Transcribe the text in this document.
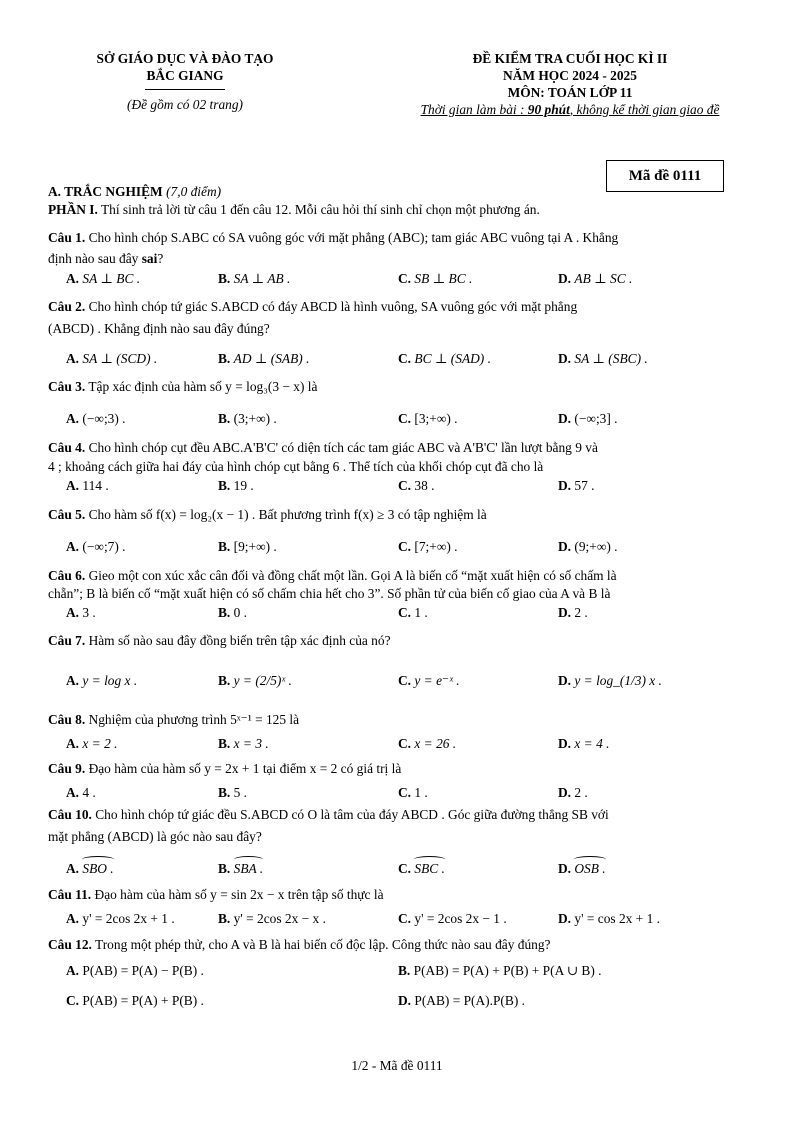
SỞ GIÁO DỤC VÀ ĐÀO TẠO

BẮC GIANG

(Đề gồm có 02 trang)

ĐỀ KIỂM TRA CUỐI HỌC KÌ II

NĂM HỌC 2024 - 2025

MÔN: TOÁN LỚP 11

Thời gian làm bài : 90 phút, không kể thời gian giao đề

Mã đề 0111
A. TRẮC NGHIỆM (7,0 điểm)
PHẦN I. Thí sinh trả lời từ câu 1 đến câu 12. Mỗi câu hỏi thí sinh chỉ chọn một phương án.
Câu 1. Cho hình chóp S.ABC có SA vuông góc với mặt phẳng (ABC); tam giác ABC vuông tại A . Khẳng
định nào sau đây sai?
A. SA ⊥ BC .	B. SA ⊥ AB .	C. SB ⊥ BC .	D. AB ⊥ SC .
Câu 2. Cho hình chóp tứ giác S.ABCD có đáy ABCD là hình vuông, SA vuông góc với mặt phẳng
(ABCD) . Khẳng định nào sau đây đúng?
A. SA ⊥ (SCD) .	B. AD ⊥ (SAB) .	C. BC ⊥ (SAD) .	D. SA ⊥ (SBC) .
Câu 3. Tập xác định của hàm số y = log₃(3 − x) là
A. (−∞;3) .	B. (3;+∞) .	C. [3;+∞) .	D. (−∞;3] .
Câu 4. Cho hình chóp cụt đều ABC.A'B'C' có diện tích các tam giác ABC và A'B'C' lần lượt bằng 9 và
4 ; khoảng cách giữa hai đáy của hình chóp cụt bằng 6 . Thể tích của khối chóp cụt đã cho là
A. 114 .	B. 19 .	C. 38 .	D. 57 .
Câu 5. Cho hàm số f(x) = log₂(x − 1) . Bất phương trình f(x) ≥ 3 có tập nghiệm là
A. (−∞;7) .	B. [9;+∞) .	C. [7;+∞) .	D. (9;+∞) .
Câu 6. Gieo một con xúc xắc cân đối và đồng chất một lần. Gọi A là biến cố “mặt xuất hiện có số chấm là
chẵn”; B là biến cố “mặt xuất hiện có số chấm chia hết cho 3”. Số phần tử của biến cố giao của A và B là
A. 3 .	B. 0 .	C. 1 .	D. 2 .
Câu 7. Hàm số nào sau đây đồng biến trên tập xác định của nó?
A. y = log x .	B. y = (2/5)ˣ .	C. y = e⁻ˣ .	D. y = log_(1/3) x .
Câu 8. Nghiệm của phương trình 5ˣ⁻¹ = 125 là
A. x = 2 .	B. x = 3 .	C. x = 26 .	D. x = 4 .
Câu 9. Đạo hàm của hàm số y = 2x + 1 tại điểm x = 2 có giá trị là
A. 4 .	B. 5 .	C. 1 .	D. 2 .
Câu 10. Cho hình chóp tứ giác đều S.ABCD có O là tâm của đáy ABCD . Góc giữa đường thẳng SB với
mặt phẳng (ABCD) là góc nào sau đây?
A. SBO .	B. SBA .	C. SBC .	D. OSB .
Câu 11. Đạo hàm của hàm số y = sin 2x − x trên tập số thực là
A. y' = 2cos 2x + 1 .	B. y' = 2cos 2x − x .	C. y' = 2cos 2x − 1 .	D. y' = cos 2x + 1 .
Câu 12. Trong một phép thử, cho A và B là hai biến cố độc lập. Công thức nào sau đây đúng?
A. P(AB) = P(A) − P(B) .	B. P(AB) = P(A) + P(B) + P(A ∪ B) .
C. P(AB) = P(A) + P(B) .	D. P(AB) = P(A).P(B) .
1/2 - Mã đề 0111
